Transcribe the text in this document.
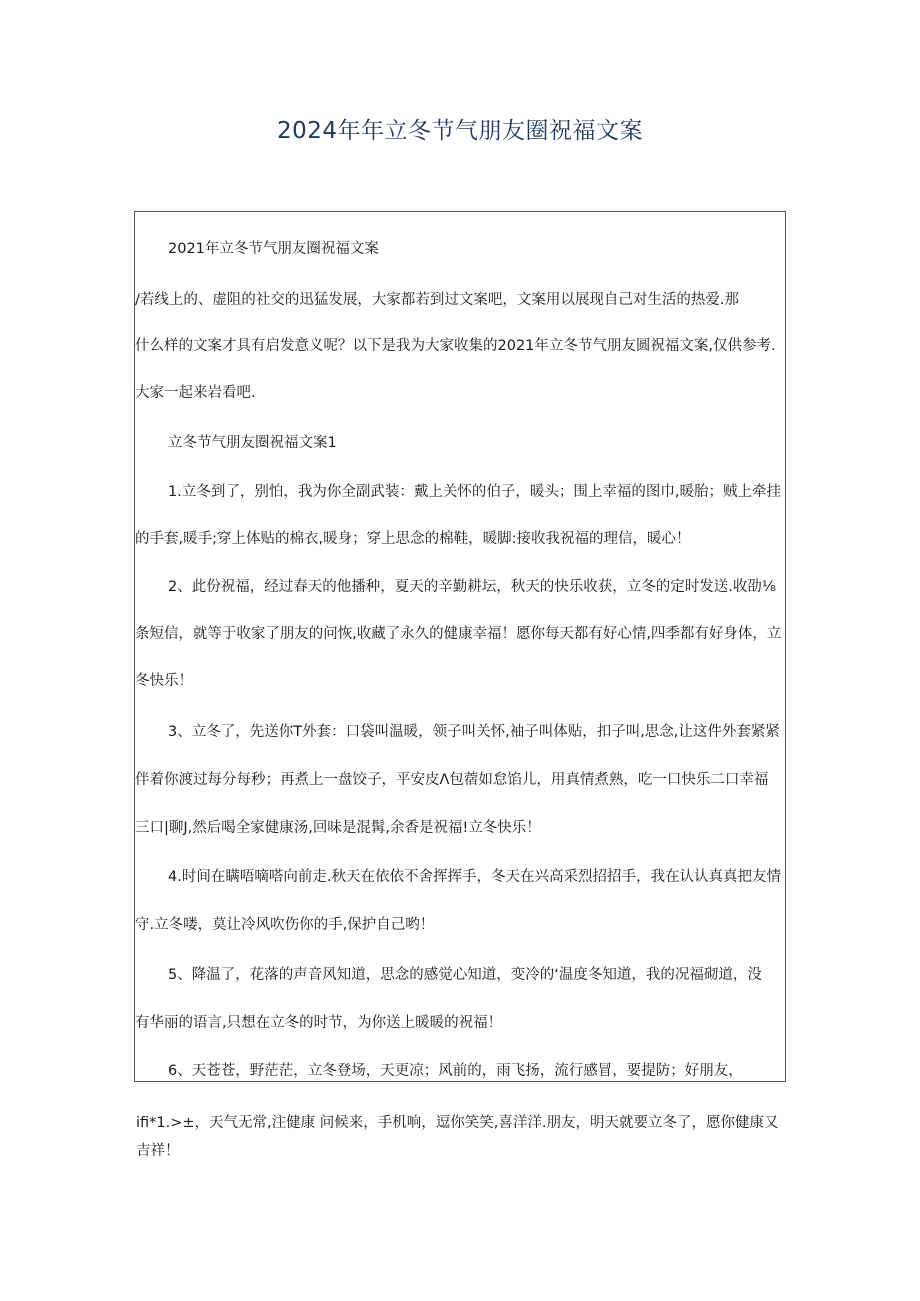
2024年年立冬节气朋友圈祝福文案
2021年立冬节气朋友圈祝福文案
/若线上的、虚阻的社交的迅猛发展，大家都若到过文案吧，文案用以展现自己对生活的热爱.那
什么样的文案才具有启发意义呢？以下是我为大家收集的2021年立冬节气朋友圆祝福文案,仅供参考.
大家一起来岩看吧.
立冬节气朋友圈祝福文案1
1.立冬到了，别怕，我为你全副武装：戴上关怀的伯子，暖头；围上幸福的图巾,暖胎；贼上牵挂
的手套,暖手;穿上体贴的棉衣,暖身；穿上思念的棉鞋，暖脚:接收我祝福的理信，暖心！
2、此份祝福，经过春天的他播种，夏天的辛勤耕坛，秋天的快乐收获，立冬的定时发送.收劭⅛
条短信，就等于收家了朋友的问恢,收藏了永久的健康幸福！愿你每天都有好心情,四季都有好身体，立
冬快乐！
3、立冬了，先送你T外套：口袋叫温暖，领子叫关怀,袖子叫体贴，扣子叫,思念,让这件外套紧紧
伴着你渡过每分每秒；再煮上一盘饺子，平安皮Λ包蓿如怠馅儿，用真情煮熟，吃一口快乐二口幸福
三口|聊J,然后喝全家健康汤,回味是混髯,余香是祝福!立冬快乐！
4.时间在瞒唔嘀嗒向前走.秋天在依依不舍挥挥手，冬天在兴高采烈招招手，我在认认真真把友情
守.立冬喽，莫让冷风吹伤你的手,保护自己哟！
5、降温了，花落的声音风知道，思念的感觉心知道，变冷的‘温度冬知道，我的况福砌道，没
有华丽的语言,只想在立冬的时节，为你送上暖暖的祝福！
6、天苍苍，野茫茫，立冬登场，天更凉；风前的，雨飞扬，流行感冒，要提防；好朋友，
ifi*1.>±，天气无常,注健康 问候来，手机响，逗你笑笑,喜洋洋.朋友，明天就要立冬了，愿你健康又
吉祥！
